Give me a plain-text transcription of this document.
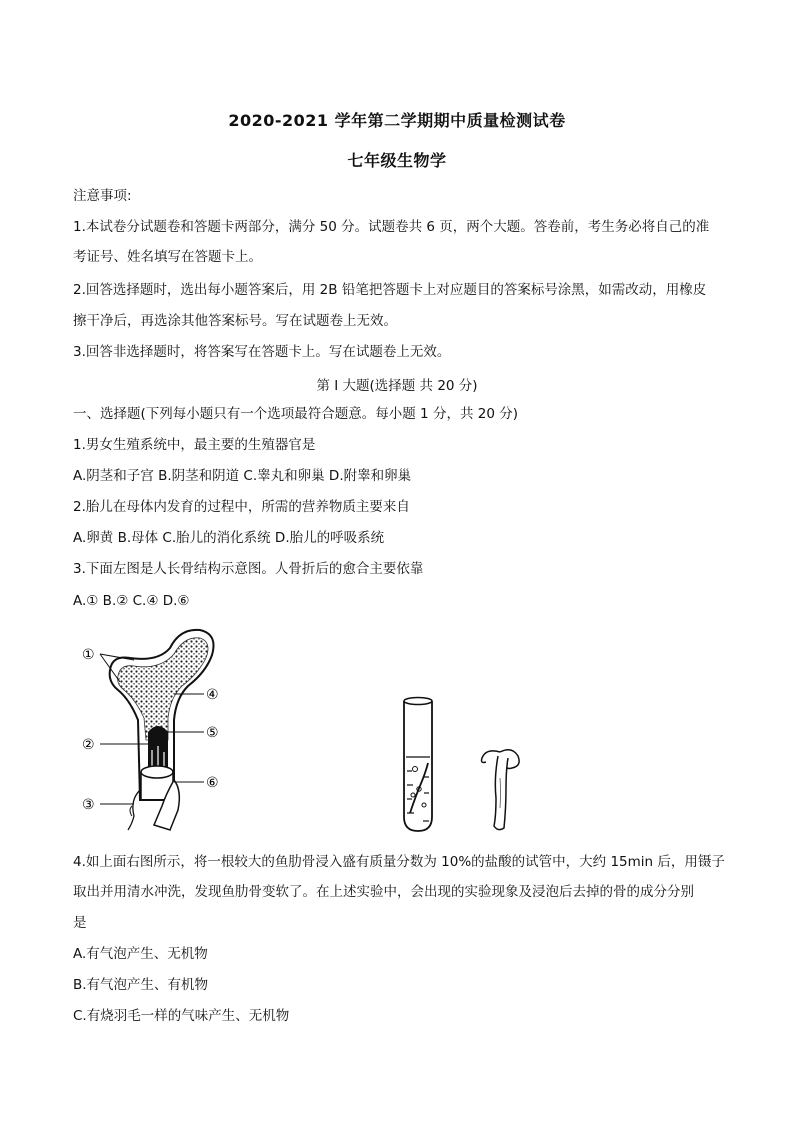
2020-2021 学年第二学期期中质量检测试卷
七年级生物学
注意事项:
1.本试卷分试题卷和答题卡两部分，满分 50 分。试题卷共 6 页，两个大题。答卷前，考生务必将自己的准
考证号、姓名填写在答题卡上。
2.回答选择题时，选出每小题答案后，用 2B 铅笔把答题卡上对应题目的答案标号涂黑，如需改动，用橡皮
擦干净后，再选涂其他答案标号。写在试题卷上无效。
3.回答非选择题时，将答案写在答题卡上。写在试题卷上无效。
第 Ⅰ 大题(选择题 共 20 分)
一、选择题(下列每小题只有一个选项最符合题意。每小题 1 分，共 20 分)
1.男女生殖系统中，最主要的生殖器官是
A.阴茎和子宫 B.阴茎和阴道 C.睾丸和卵巢 D.附睾和卵巢
2.胎儿在母体内发育的过程中，所需的营养物质主要来自
A.卵黄 B.母体 C.胎儿的消化系统 D.胎儿的呼吸系统
3.下面左图是人长骨结构示意图。人骨折后的愈合主要依靠
A.① B.② C.④ D.⑥
①
②
③
④
⑤
⑥
4.如上面右图所示，将一根较大的鱼肋骨浸入盛有质量分数为 10%的盐酸的试管中，大约 15min 后，用镊子
取出并用清水冲洗，发现鱼肋骨变软了。在上述实验中，会出现的实验现象及浸泡后去掉的骨的成分分别
是
A.有气泡产生、无机物
B.有气泡产生、有机物
C.有烧羽毛一样的气味产生、无机物
